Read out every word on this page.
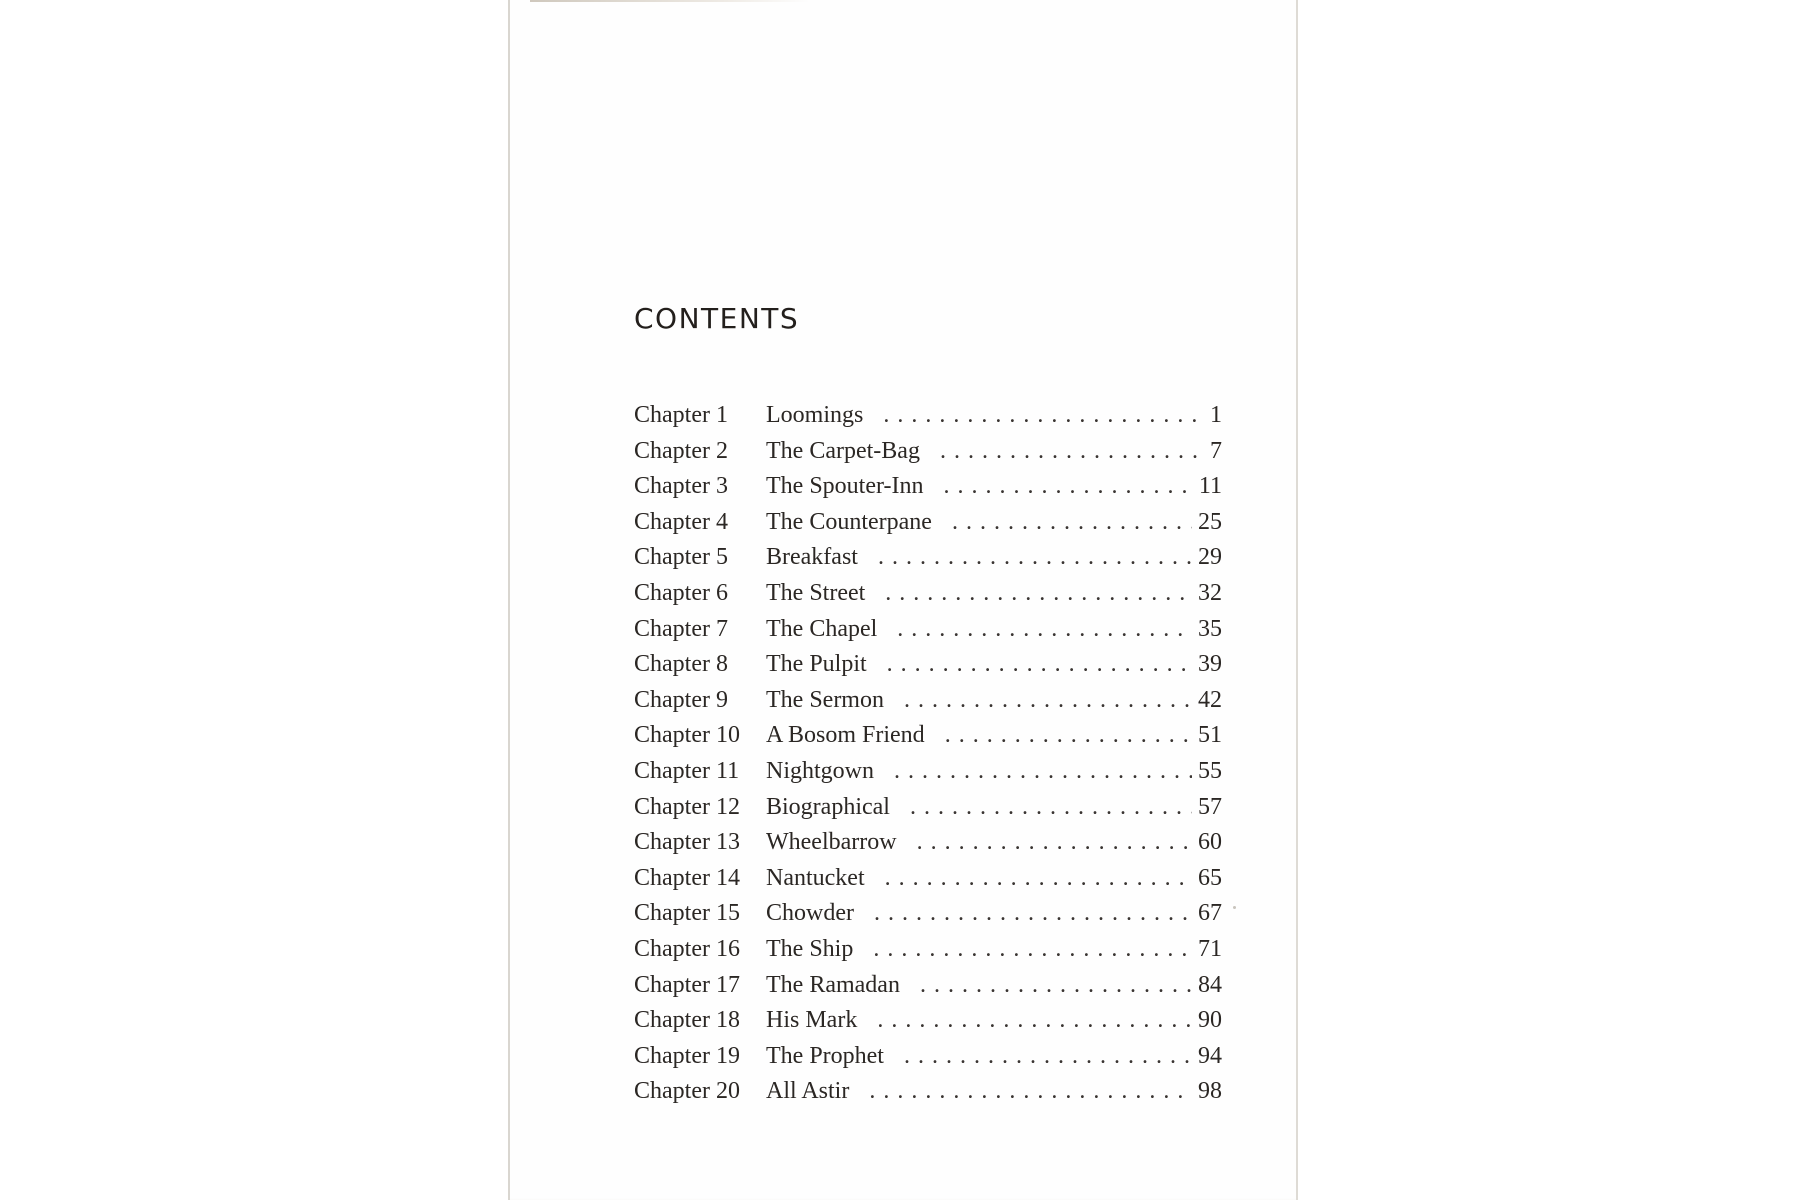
CONTENTS
Chapter 1	Loomings . . .	1
Chapter 2	The Carpet-Bag . . .	7
Chapter 3	The Spouter-Inn . . .	11
Chapter 4	The Counterpane . . .	25
Chapter 5	Breakfast . . .	29
Chapter 6	The Street . . .	32
Chapter 7	The Chapel . . .	35
Chapter 8	The Pulpit . . .	39
Chapter 9	The Sermon . . .	42
Chapter 10	A Bosom Friend . . .	51
Chapter 11	Nightgown . . .	55
Chapter 12	Biographical . . .	57
Chapter 13	Wheelbarrow . . .	60
Chapter 14	Nantucket . . .	65
Chapter 15	Chowder . . .	67
Chapter 16	The Ship . . .	71
Chapter 17	The Ramadan . . .	84
Chapter 18	His Mark . . .	90
Chapter 19	The Prophet . . .	94
Chapter 20	All Astir . . .	98
